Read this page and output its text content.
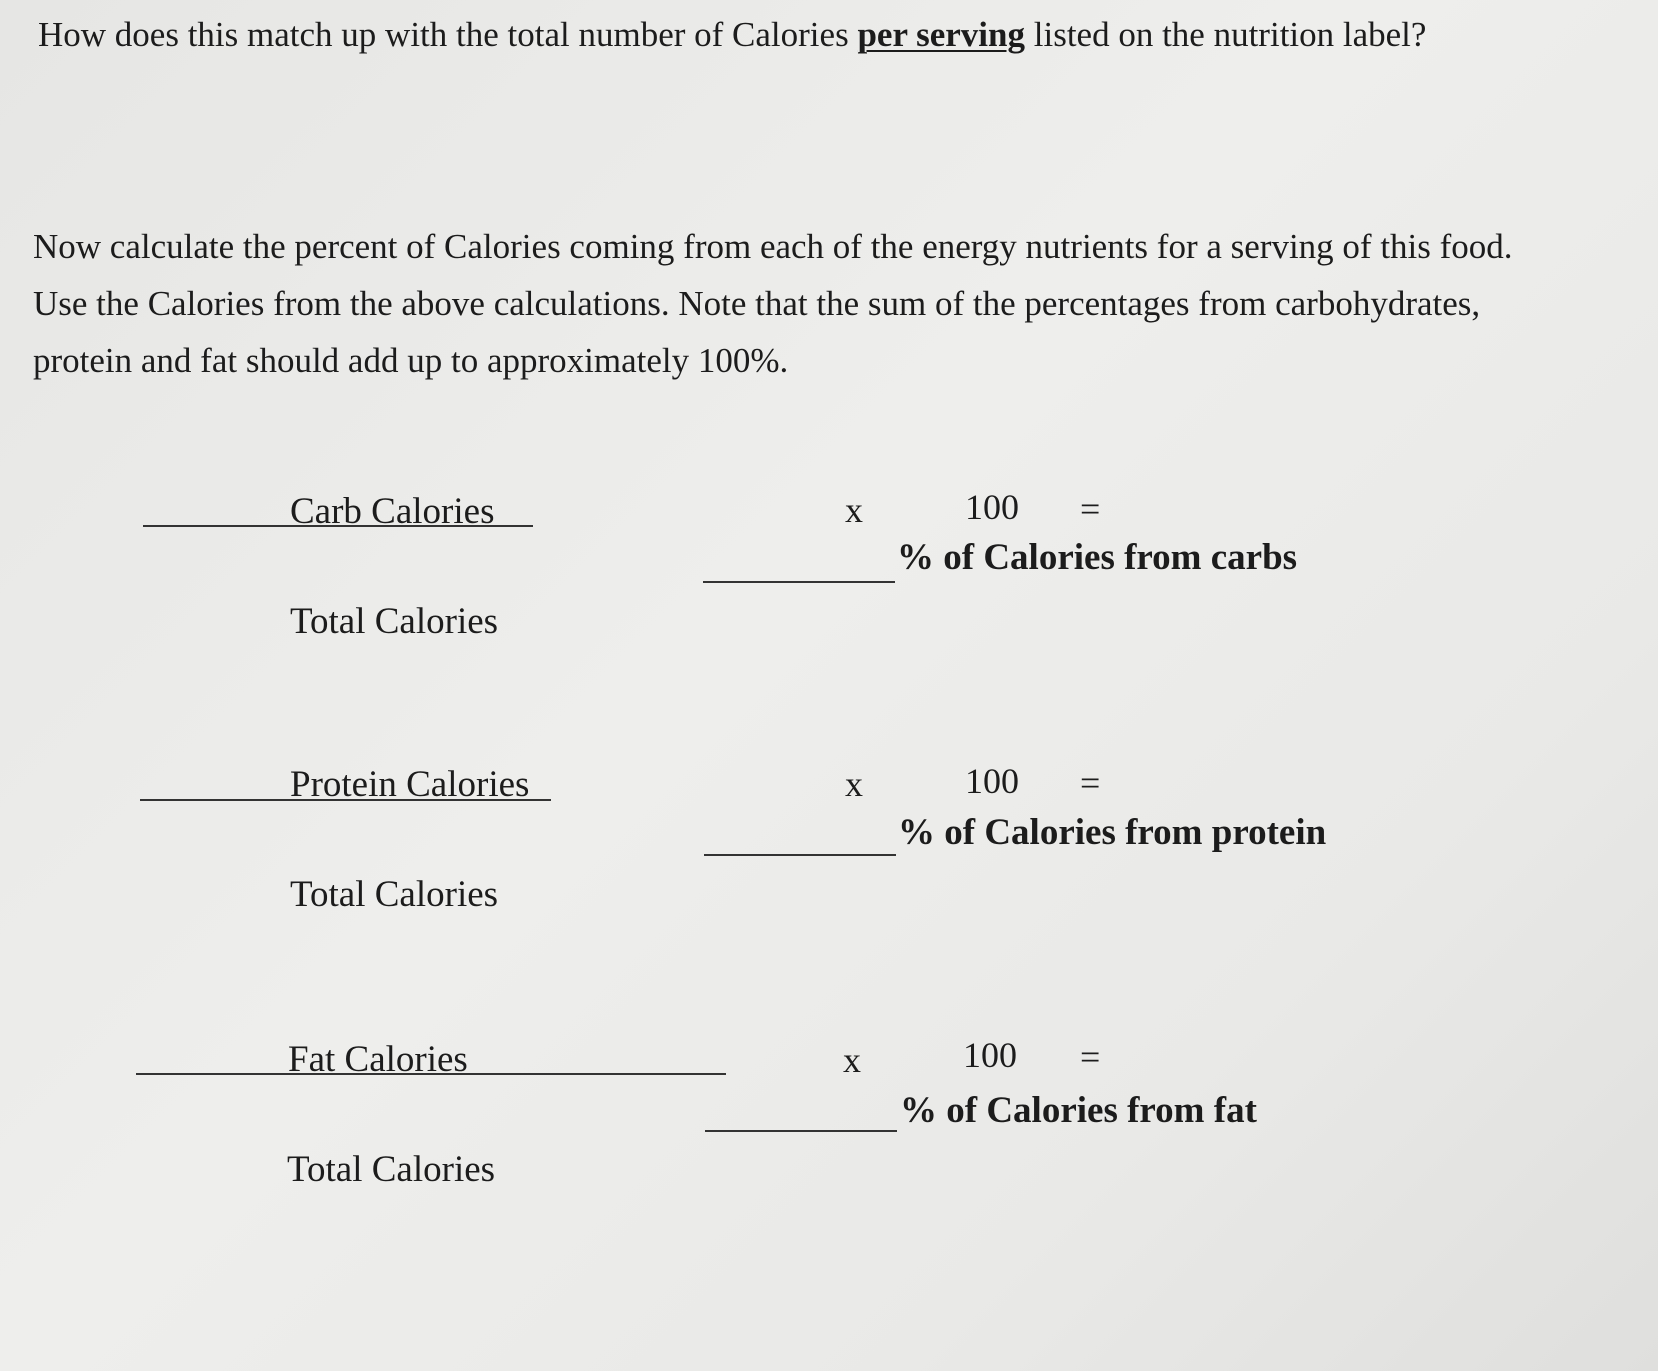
How does this match up with the total number of Calories per serving listed on the nutrition label?
Now calculate the percent of Calories coming from each of the energy nutrients for a serving of this food. Use the Calories from the above calculations. Note that the sum of the percentages from carbohydrates, protein and fat should add up to approximately 100%.
Carb Calories
Total Calories
x	100 =
% of Calories from carbs
Protein Calories
Total Calories
x	100 =
% of Calories from protein
Fat Calories
Total Calories
x	100 =
% of Calories from fat
